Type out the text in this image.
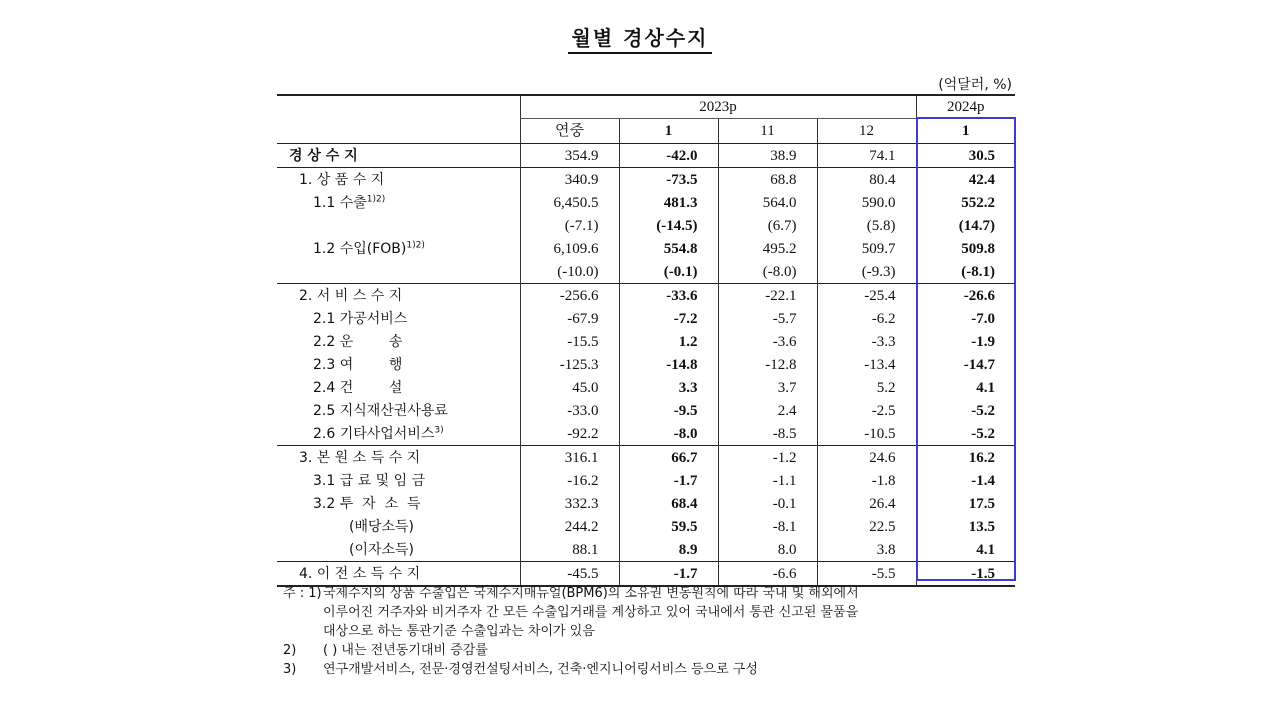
월별 경상수지
(억달러, %)
	2023p				2024p
	연중	1	11	12	1
경 상 수 지	354.9	-42.0	38.9	74.1	30.5
1. 상 품 수 지	340.9	-73.5	68.8	80.4	42.4
1.1 수출$^{1)2)}$	6,450.5	481.3	564.0	590.0	552.2
	(-7.1)	(-14.5)	(6.7)	(5.8)	(14.7)
1.2 수입(FOB)$^{1)2)}$	6,109.6	554.8	495.2	509.7	509.8
	(-10.0)	(-0.1)	(-8.0)	(-9.3)	(-8.1)
2. 서 비 스 수 지	-256.6	-33.6	-22.1	-25.4	-26.6
2.1 가공서비스	-67.9	-7.2	-5.7	-6.2	-7.0
2.2 운        송	-15.5	1.2	-3.6	-3.3	-1.9
2.3 여        행	-125.3	-14.8	-12.8	-13.4	-14.7
2.4 건        설	45.0	3.3	3.7	5.2	4.1
2.5 지식재산권사용료	-33.0	-9.5	2.4	-2.5	-5.2
2.6 기타사업서비스$^{3)}$	-92.2	-8.0	-8.5	-10.5	-5.2
3. 본 원 소 득 수 지	316.1	66.7	-1.2	24.6	16.2
3.1 급 료 및 임 금	-16.2	-1.7	-1.1	-1.8	-1.4
3.2 투  자  소  득	332.3	68.4	-0.1	26.4	17.5
(배당소득)	244.2	59.5	-8.1	22.5	13.5
(이자소득)	88.1	8.9	8.0	3.8	4.1
4. 이 전 소 득 수 지	-45.5	-1.7	-6.6	-5.5	-1.5
주 : 1) 국제수지의 상품 수출입은 국제수지매뉴얼(BPM6)의 소유권 변동원칙에 따라 국내 및 해외에서
이루어진 거주자와 비거주자 간 모든 수출입거래를 계상하고 있어 국내에서 통관 신고된 물품을
대상으로 하는 통관기준 수출입과는 차이가 있음
2) ( ) 내는 전년동기대비 증감률
3) 연구개발서비스, 전문·경영컨설팅서비스, 건축·엔지니어링서비스 등으로 구성
